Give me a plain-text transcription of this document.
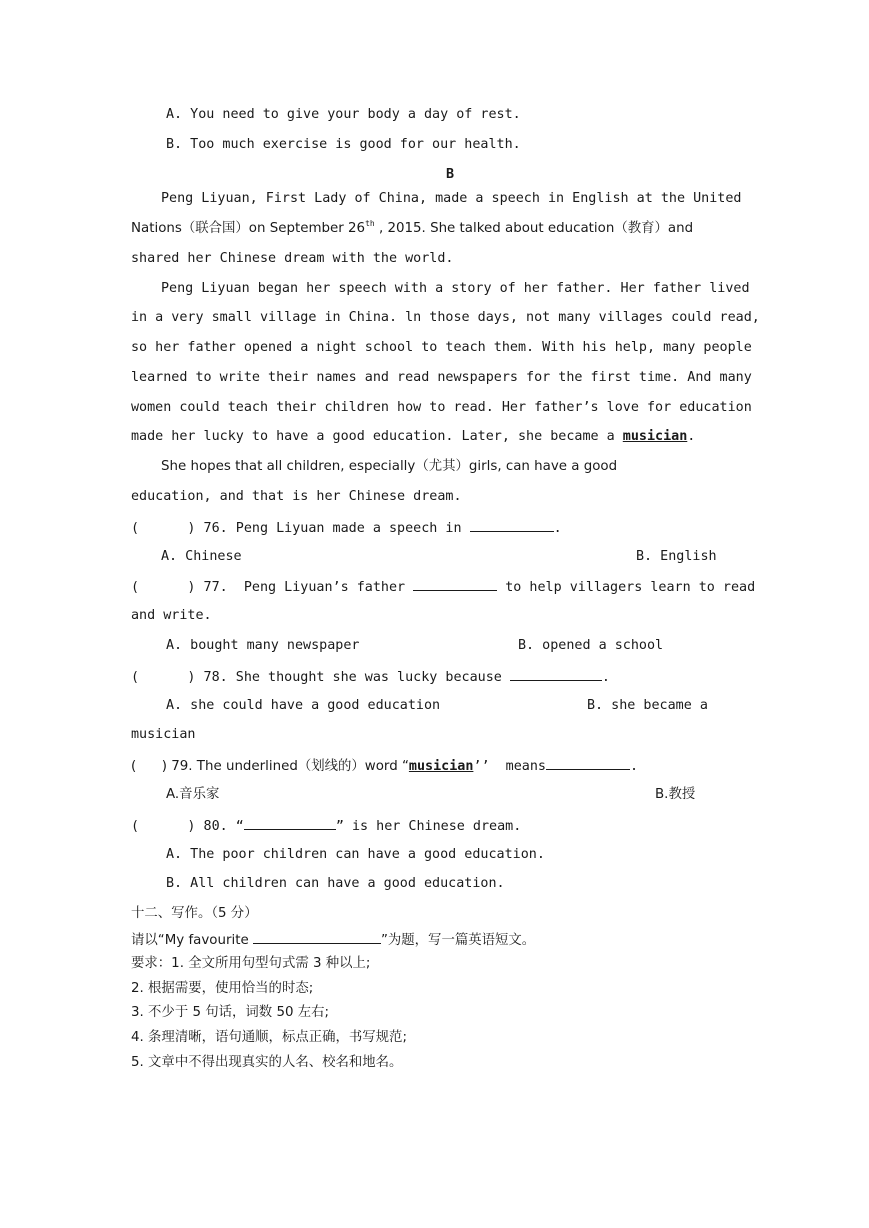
A. You need to give your body a day of rest.
B. Too much exercise is good for our health.
B
Peng Liyuan, First Lady of China, made a speech in English at the United
Nations（联合国）on September 26th , 2015. She talked about education（教育）and
shared her Chinese dream with the world.
Peng Liyuan began her speech with a story of her father. Her father lived
in a very small village in China. ln those days, not many villages could read,
so her father opened a night school to teach them. With his help, many people
learned to write their names and read newspapers for the first time. And many
women could teach their children how to read. Her father’s love for education
made her lucky to have a good education. Later, she became a musician.
She hopes that all children, especially（尤其）girls, can have a good
education, and that is her Chinese dream.
(      ) 76. Peng Liyuan made a speech in	.
A. Chinese	B. English
(      ) 77.  Peng Liyuan’s father	to help villagers learn to read
and write.
A. bought many newspaper	B. opened a school
(      ) 78. She thought she was lucky because	.
A. she could have a good education	B. she became a
musician
(      ) 79. The underlined（划线的）word “musician’’  means	.
A.音乐家	B.教授
(      ) 80. “	” is her Chinese dream.
A. The poor children can have a good education.
B. All children can have a good education.
十二、写作。（5 分）
请以“My favourite	”为题，写一篇英语短文。
要求：1. 全文所用句型句式需 3 种以上;
2. 根据需要，使用恰当的时态;
3. 不少于 5 句话，词数 50 左右;
4. 条理清晰，语句通顺，标点正确，书写规范;
5. 文章中不得出现真实的人名、校名和地名。
